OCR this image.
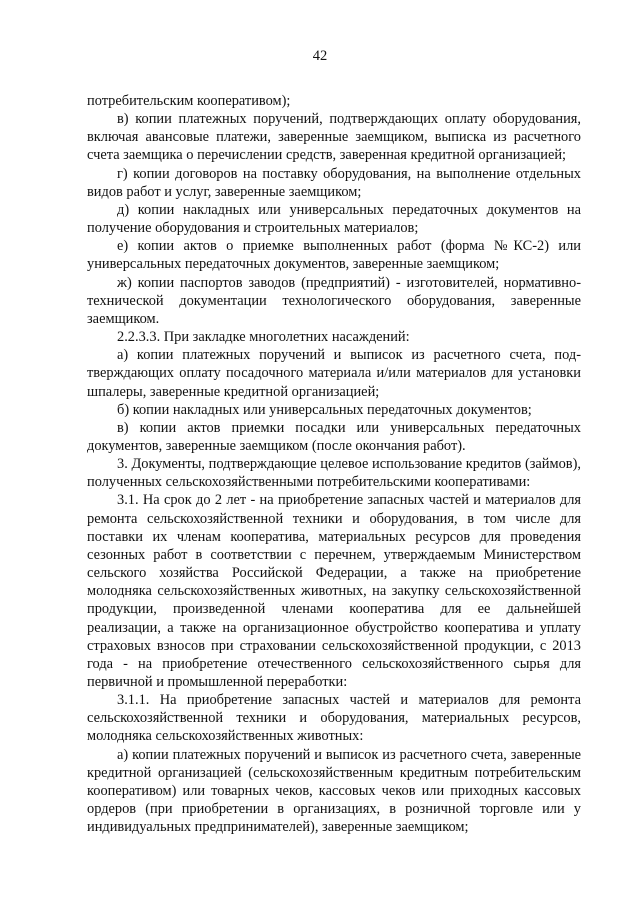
42

потребительским кооперативом);

в) копии платежных поручений, подтверждающих оплату оборудования, включая авансовые платежи, заверенные заемщиком, выписка из расчетного счета заемщика о перечислении средств, заверенная кредитной организацией;

г) копии договоров на поставку оборудования, на выполнение отдельных видов работ и услуг, заверенные заемщиком;

д) копии накладных или универсальных передаточных документов на получение оборудования и строительных материалов;

е) копии актов о приемке выполненных работ (форма №КС-2) или универсальных передаточных документов, заверенные заемщиком;

ж) копии паспортов заводов (предприятий) - изготовителей, нормативно-технической документации технологического оборудования, заверенные заемщиком.

2.2.3.3. При закладке многолетних насаждений:

а) копии платежных поручений и выписок из расчетного счета, подтверждающих оплату посадочного материала и/или материалов для установки шпалеры, заверенные кредитной организацией;

б) копии накладных или универсальных передаточных документов;

в) копии актов приемки посадки или универсальных передаточных документов, заверенные заемщиком (после окончания работ).

3. Документы, подтверждающие целевое использование кредитов (займов), полученных сельскохозяйственными потребительскими кооперативами:

3.1. На срок до 2 лет - на приобретение запасных частей и материалов для ремонта сельскохозяйственной техники и оборудования, в том числе для поставки их членам кооператива, материальных ресурсов для проведения сезонных работ в соответствии с перечнем, утверждаемым Министерством сельского хозяйства Российской Федерации, а также на приобретение молодняка сельскохозяйственных животных, на закупку сельскохозяйственной продукции, произведенной членами кооператива для ее дальнейшей реализации, а также на организационное обустройство кооператива и уплату страховых взносов при страховании сельскохозяйственной продукции, с 2013 года - на приобретение отечественного сельскохозяйственного сырья для первичной и промышленной переработки:

3.1.1. На приобретение запасных частей и материалов для ремонта сельскохозяйственной техники и оборудования, материальных ресурсов, молодняка сельскохозяйственных животных:

а) копии платежных поручений и выписок из расчетного счета, заверенные кредитной организацией (сельскохозяйственным кредитным потребительским кооперативом) или товарных чеков, кассовых чеков или приходных кассовых ордеров (при приобретении в организациях, в розничной торговле или у индивидуальных предпринимателей), заверенные заемщиком;
